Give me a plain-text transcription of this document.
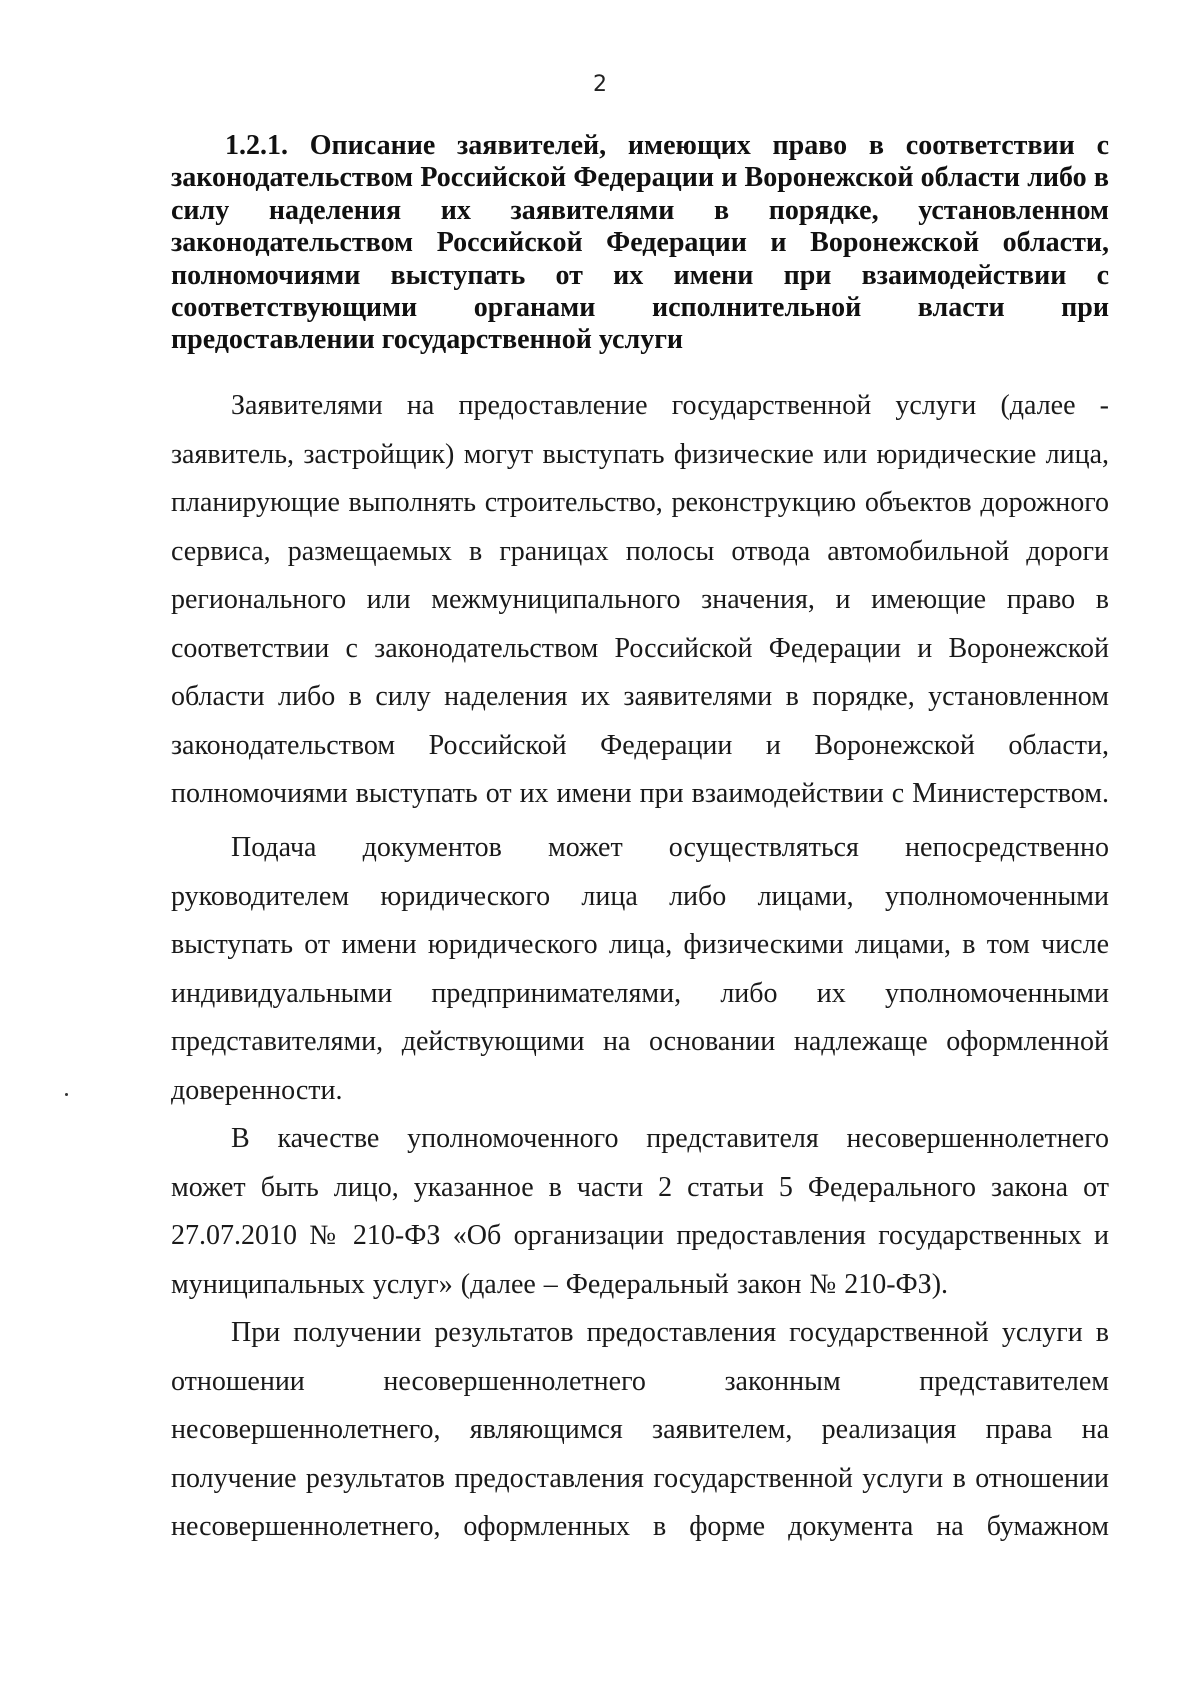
2

1.2.1. Описание заявителей, имеющих право в соответствии с законодательством Российской Федерации и Воронежской области либо в силу наделения их заявителями в порядке, установленном законодательством Российской Федерации и Воронежской области, полномочиями выступать от их имени при взаимодействии с соответствующими органами исполнительной власти при предоставлении государственной услуги

Заявителями на предоставление государственной услуги (далее - заявитель, застройщик) могут выступать физические или юридические лица, планирующие выполнять строительство, реконструкцию объектов дорожного сервиса, размещаемых в границах полосы отвода автомобильной дороги регионального или межмуниципального значения, и имеющие право в соответствии с законодательством Российской Федерации и Воронежской области либо в силу наделения их заявителями в порядке, установленном законодательством Российской Федерации и Воронежской области, полномочиями выступать от их имени при взаимодействии с Министерством.

Подача документов может осуществляться непосредственно руководителем юридического лица либо лицами, уполномоченными выступать от имени юридического лица, физическими лицами, в том числе индивидуальными предпринимателями, либо их уполномоченными представителями, действующими на основании надлежаще оформленной доверенности.

В качестве уполномоченного представителя несовершеннолетнего может быть лицо, указанное в части 2 статьи 5 Федерального закона от 27.07.2010 № 210-ФЗ «Об организации предоставления государственных и муниципальных услуг» (далее – Федеральный закон № 210-ФЗ).

При получении результатов предоставления государственной услуги в отношении несовершеннолетнего законным представителем несовершеннолетнего, являющимся заявителем, реализация права на получение результатов предоставления государственной услуги в отношении несовершеннолетнего, оформленных в форме документа на бумажном
